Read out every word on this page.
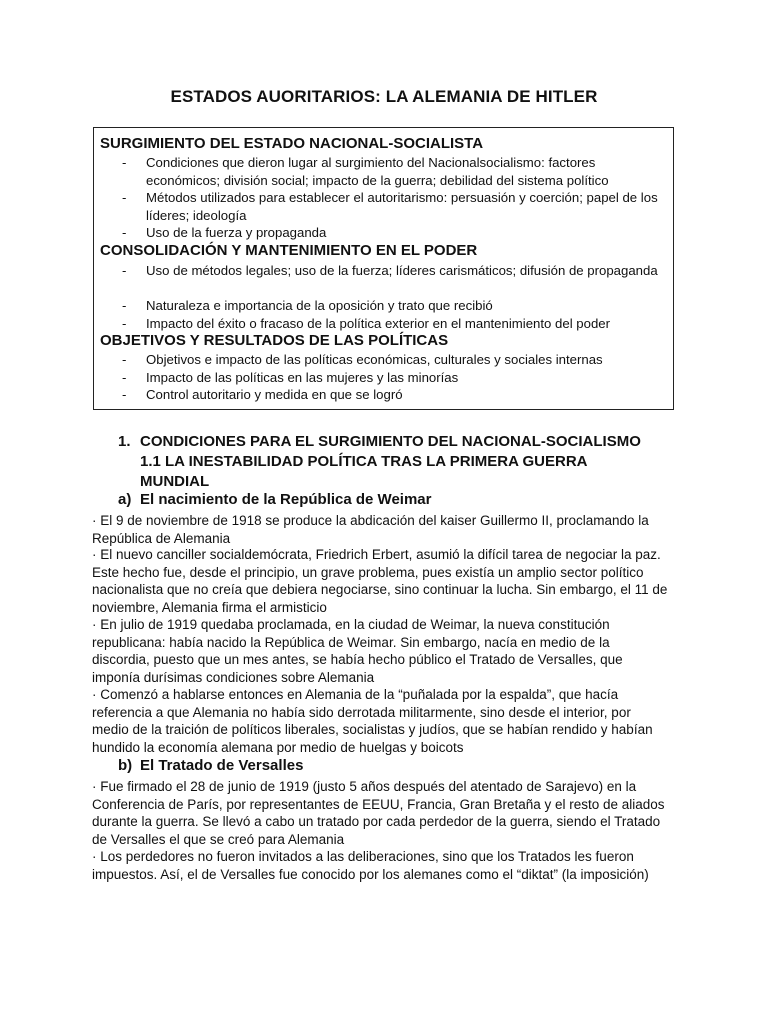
ESTADOS AUORITARIOS: LA ALEMANIA DE HITLER
SURGIMIENTO DEL ESTADO NACIONAL-SOCIALISTA
- Condiciones que dieron lugar al surgimiento del Nacionalsocialismo: factores económicos; división social; impacto de la guerra; debilidad del sistema político
- Métodos utilizados para establecer el autoritarismo: persuasión y coerción; papel de los líderes; ideología
- Uso de la fuerza y propaganda
CONSOLIDACIÓN Y MANTENIMIENTO EN EL PODER
- Uso de métodos legales; uso de la fuerza; líderes carismáticos; difusión de propaganda
- Naturaleza e importancia de la oposición y trato que recibió
- Impacto del éxito o fracaso de la política exterior en el mantenimiento del poder
OBJETIVOS Y RESULTADOS DE LAS POLÍTICAS
- Objetivos e impacto de las políticas económicas, culturales y sociales internas
- Impacto de las políticas en las mujeres y las minorías
- Control autoritario y medida en que se logró
1. CONDICIONES PARA EL SURGIMIENTO DEL NACIONAL-SOCIALISMO
1.1 LA INESTABILIDAD POLÍTICA TRAS LA PRIMERA GUERRA
MUNDIAL
a) El nacimiento de la República de Weimar
· El 9 de noviembre de 1918 se produce la abdicación del kaiser Guillermo II, proclamando la República de Alemania
· El nuevo canciller socialdemócrata, Friedrich Erbert, asumió la difícil tarea de negociar la paz. Este hecho fue, desde el principio, un grave problema, pues existía un amplio sector político nacionalista que no creía que debiera negociarse, sino continuar la lucha. Sin embargo, el 11 de noviembre, Alemania firma el armisticio
· En julio de 1919 quedaba proclamada, en la ciudad de Weimar, la nueva constitución republicana: había nacido la República de Weimar. Sin embargo, nacía en medio de la discordia, puesto que un mes antes, se había hecho público el Tratado de Versalles, que imponía durísimas condiciones sobre Alemania
· Comenzó a hablarse entonces en Alemania de la “puñalada por la espalda”, que hacía referencia a que Alemania no había sido derrotada militarmente, sino desde el interior, por medio de la traición de políticos liberales, socialistas y judíos, que se habían rendido y habían hundido la economía alemana por medio de huelgas y boicots
b) El Tratado de Versalles
· Fue firmado el 28 de junio de 1919 (justo 5 años después del atentado de Sarajevo) en la Conferencia de París, por representantes de EEUU, Francia, Gran Bretaña y el resto de aliados durante la guerra. Se llevó a cabo un tratado por cada perdedor de la guerra, siendo el Tratado de Versalles el que se creó para Alemania
· Los perdedores no fueron invitados a las deliberaciones, sino que los Tratados les fueron impuestos. Así, el de Versalles fue conocido por los alemanes como el “diktat” (la imposición)
